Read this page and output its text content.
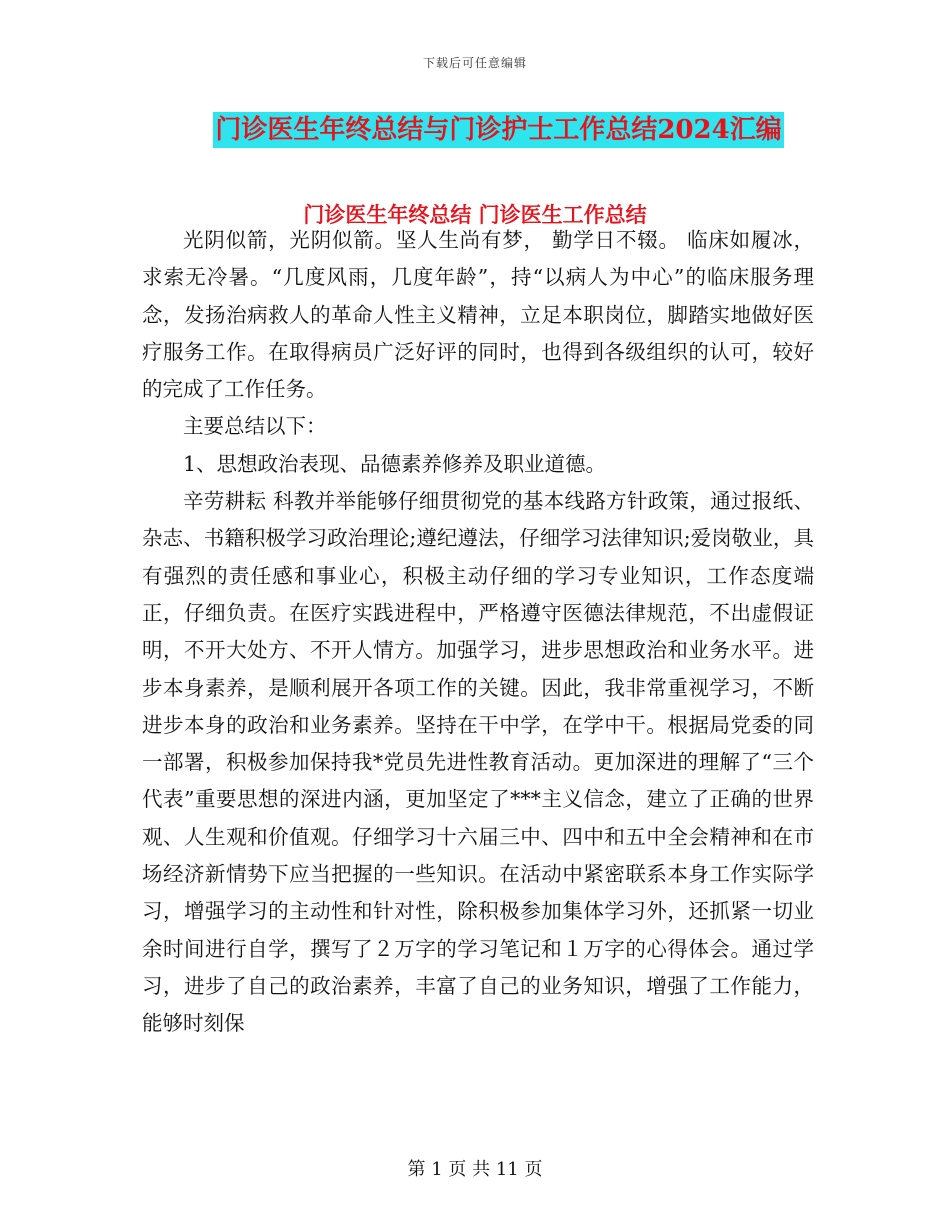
下载后可任意编辑
门诊医生年终总结与门诊护士工作总结2024汇编
门诊医生年终总结 门诊医生工作总结

光阴似箭，光阴似箭。坚人生尚有梦， 勤学日不辍。 临床如履冰， 求索无冷暑。“几度风雨，几度年龄”，持“以病人为中心”的临床服务理念，发扬治病救人的革命人性主义精神，立足本职岗位，脚踏实地做好医疗服务工作。在取得病员广泛好评的同时，也得到各级组织的认可，较好的完成了工作任务。

主要总结以下：

1、思想政治表现、品德素养修养及职业道德。

辛劳耕耘 科教并举能够仔细贯彻党的基本线路方针政策，通过报纸、杂志、书籍积极学习政治理论;遵纪遵法，仔细学习法律知识;爱岗敬业，具有强烈的责任感和事业心，积极主动仔细的学习专业知识，工作态度端正，仔细负责。在医疗实践进程中，严格遵守医德法律规范，不出虚假证明，不开大处方、不开人情方。加强学习，进步思想政治和业务水平。进步本身素养，是顺利展开各项工作的关键。因此，我非常重视学习，不断进步本身的政治和业务素养。坚持在干中学，在学中干。根据局党委的同一部署，积极参加保持我*党员先进性教育活动。更加深进的理解了“三个代表”重要思想的深进内涵，更加坚定了***主义信念，建立了正确的世界观、人生观和价值观。仔细学习十六届三中、四中和五中全会精神和在市场经济新情势下应当把握的一些知识。在活动中紧密联系本身工作实际学习，增强学习的主动性和针对性，除积极参加集体学习外，还抓紧一切业余时间进行自学，撰写了２万字的学习笔记和１万字的心得体会。通过学习，进步了自己的政治素养，丰富了自己的业务知识，增强了工作能力，能够时刻保

第 1 页 共 11 页
